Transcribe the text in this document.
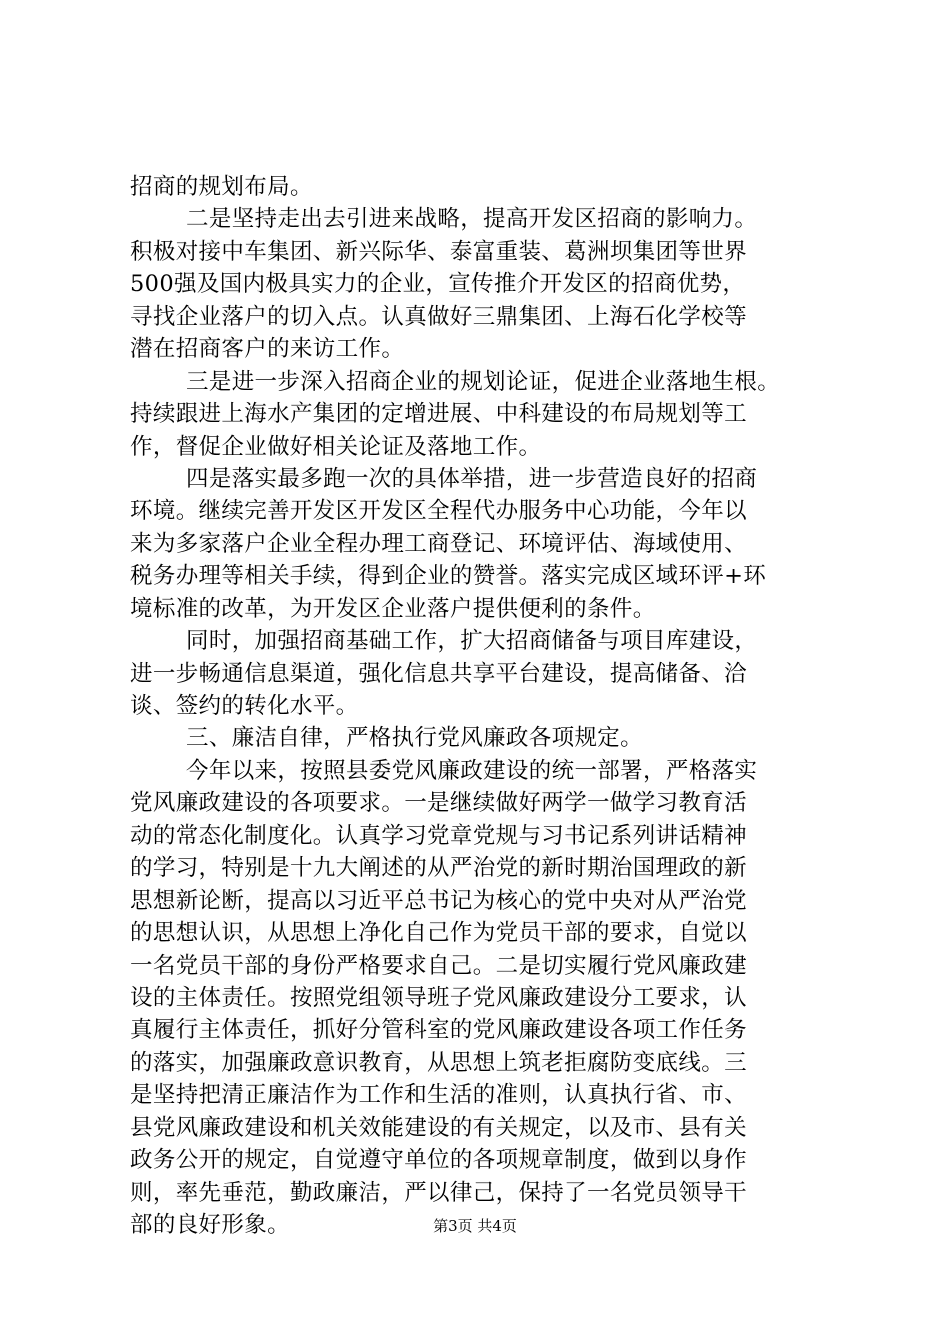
招商的规划布局。
二是坚持走出去引进来战略，提高开发区招商的影响力。
积极对接中车集团、新兴际华、泰富重装、葛洲坝集团等世界
500强及国内极具实力的企业，宣传推介开发区的招商优势，
寻找企业落户的切入点。认真做好三鼎集团、上海石化学校等
潜在招商客户的来访工作。
三是进一步深入招商企业的规划论证，促进企业落地生根。
持续跟进上海水产集团的定增进展、中科建设的布局规划等工
作，督促企业做好相关论证及落地工作。
四是落实最多跑一次的具体举措，进一步营造良好的招商
环境。继续完善开发区开发区全程代办服务中心功能，今年以
来为多家落户企业全程办理工商登记、环境评估、海域使用、
税务办理等相关手续，得到企业的赞誉。落实完成区域环评+环
境标准的改革，为开发区企业落户提供便利的条件。
同时，加强招商基础工作，扩大招商储备与项目库建设，
进一步畅通信息渠道，强化信息共享平台建设，提高储备、洽
谈、签约的转化水平。
三、廉洁自律，严格执行党风廉政各项规定。
今年以来，按照县委党风廉政建设的统一部署，严格落实
党风廉政建设的各项要求。一是继续做好两学一做学习教育活
动的常态化制度化。认真学习党章党规与习书记系列讲话精神
的学习，特别是十九大阐述的从严治党的新时期治国理政的新
思想新论断，提高以习近平总书记为核心的党中央对从严治党
的思想认识，从思想上净化自己作为党员干部的要求，自觉以
一名党员干部的身份严格要求自己。二是切实履行党风廉政建
设的主体责任。按照党组领导班子党风廉政建设分工要求，认
真履行主体责任，抓好分管科室的党风廉政建设各项工作任务
的落实，加强廉政意识教育，从思想上筑老拒腐防变底线。三
是坚持把清正廉洁作为工作和生活的准则，认真执行省、市、
县党风廉政建设和机关效能建设的有关规定，以及市、县有关
政务公开的规定，自觉遵守单位的各项规章制度，做到以身作
则，率先垂范，勤政廉洁，严以律己，保持了一名党员领导干
部的良好形象。	第3页 共4页
